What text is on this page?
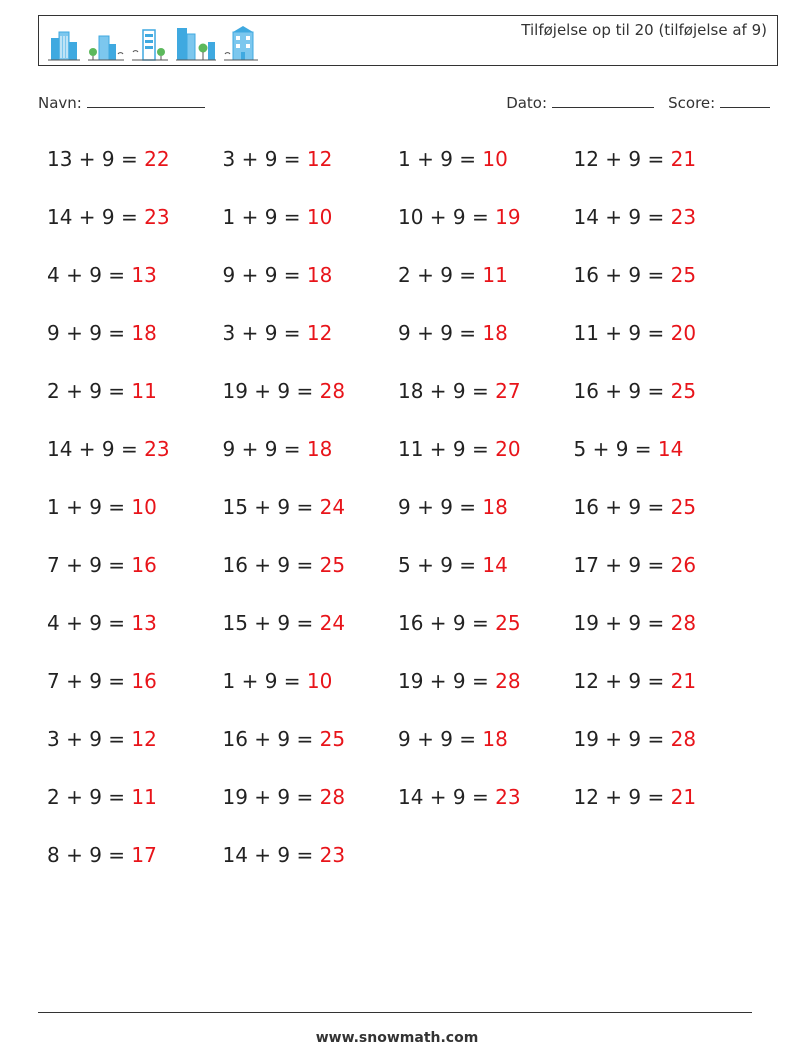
Tilføjelse op til 20 (tilføjelse af 9)
Navn:	Dato:	Score:
13 + 9 = 22	3 + 9 = 12	1 + 9 = 10	12 + 9 = 21
14 + 9 = 23	1 + 9 = 10	10 + 9 = 19	14 + 9 = 23
4 + 9 = 13	9 + 9 = 18	2 + 9 = 11	16 + 9 = 25
9 + 9 = 18	3 + 9 = 12	9 + 9 = 18	11 + 9 = 20
2 + 9 = 11	19 + 9 = 28	18 + 9 = 27	16 + 9 = 25
14 + 9 = 23	9 + 9 = 18	11 + 9 = 20	5 + 9 = 14
1 + 9 = 10	15 + 9 = 24	9 + 9 = 18	16 + 9 = 25
7 + 9 = 16	16 + 9 = 25	5 + 9 = 14	17 + 9 = 26
4 + 9 = 13	15 + 9 = 24	16 + 9 = 25	19 + 9 = 28
7 + 9 = 16	1 + 9 = 10	19 + 9 = 28	12 + 9 = 21
3 + 9 = 12	16 + 9 = 25	9 + 9 = 18	19 + 9 = 28
2 + 9 = 11	19 + 9 = 28	14 + 9 = 23	12 + 9 = 21
8 + 9 = 17	14 + 9 = 23
www.snowmath.com
